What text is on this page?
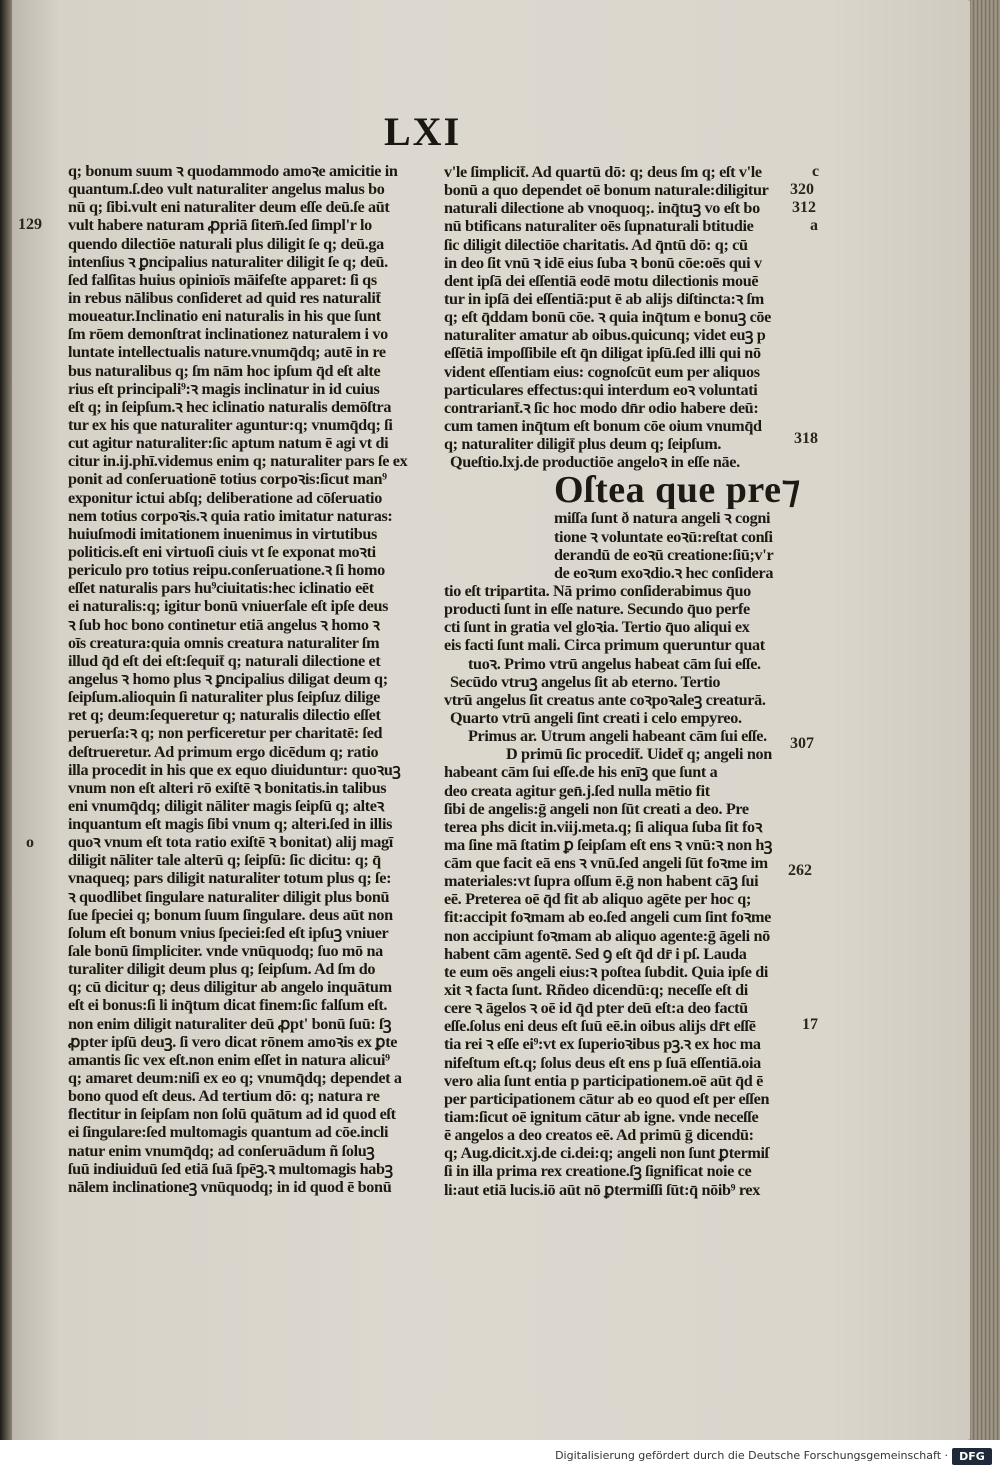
LXI
q; bonum suum ꝛ quodammodo amoꝛe amicitie in
quantum.ſ.deo vult naturaliter angelus malus bo
nū q; ſibi.vult eni naturaliter deum eſſe deū.ſe aūt
vult habere naturam ꝓpriā ſitem̄.ſed ſimpl'r lo
quendo dilectiōe naturali plus diligit ſe q; deū.ga
intenſius ꝛ ꝑncipalius naturaliter diligit ſe q; deū.
ſed falſitas huius opinioīs māifeſte apparet: ſi qs
in rebus nālibus conſideret ad quid res naturalit̄
moueatur.Inclinatio eni naturalis in his que ſunt
ſm rōem demonſtrat inclinationez naturalem i vo
luntate intellectualis nature.vnumq̄dq; autē in re
bus naturalibus q; ſm nām hoc ipſum q̄d eſt alte
rius eſt principali⁹:ꝛ magis inclinatur in id cuius
eſt q; in ſeipſum.ꝛ hec iclinatio naturalis demōſtra
tur ex his que naturaliter aguntur:q; vnumq̄dq; ſi
cut agitur naturaliter:ſic aptum natum ē agi vt di
citur in.ij.phī.videmus enim q; naturaliter pars ſe ex
ponit ad conſeruationē totius corpoꝛis:ſicut man⁹
exponitur ictui abſq; deliberatione ad cōſeruatio
nem totius corpoꝛis.ꝛ quia ratio imitatur naturas:
huiuſmodi imitationem inuenimus in virtutibus
politicis.eſt eni virtuoſi ciuis vt ſe exponat moꝛti
periculo pro totius reipu.conſeruatione.ꝛ ſi homo
eſſet naturalis pars hu⁹ciuitatis:hec iclinatio eēt
ei naturalis:q; igitur bonū vniuerſale eſt ipſe deus
ꝛ ſub hoc bono continetur etiā angelus ꝛ homo ꝛ
oīs creatura:quia omnis creatura naturaliter ſm
illud q̄d eſt dei eſt:ſequit̄ q; naturali dilectione et
angelus ꝛ homo plus ꝛ ꝑncipalius diligat deum q;
ſeipſum.alioquin ſi naturaliter plus ſeipſuz dilige
ret q; deum:ſequeretur q; naturalis dilectio eſſet
peruerſa:ꝛ q; non perficeretur per charitatē: ſed
deſtrueretur. Ad primum ergo dicēdum q; ratio
illa procedit in his que ex equo diuiduntur: quoꝛuꝫ
vnum non eſt alteri rō exiſtē ꝛ bonitatis.in talibus
eni vnumq̄dq; diligit nāliter magis ſeipſū q; alteꝛ
inquantum eſt magis ſibi vnum q; alteri.ſed in illis
quoꝛ vnum eſt tota ratio exiſtē ꝛ bonitat) alij magī
diligit nāliter tale alterū q; ſeipſū: ſic dicitu: q; q̄
vnaqueq; pars diligit naturaliter totum plus q; ſe:
ꝛ quodlibet ſingulare naturaliter diligit plus bonū
ſue ſpeciei q; bonum ſuum ſingulare. deus aūt non
ſolum eſt bonum vnius ſpeciei:ſed eſt ipſuꝫ vniuer
ſale bonū ſimpliciter. vnde vnūquodq; ſuo mō na
turaliter diligit deum plus q; ſeipſum. Ad ſm do
q; cū dicitur q; deus diligitur ab angelo inquātum
eſt ei bonus:ſi li inq̄tum dicat finem:ſic falſum eſt.
non enim diligit naturaliter deū ꝓpt' bonū ſuū: ſꝫ
ꝓpter ipſū deuꝫ. ſi vero dicat rōnem amoꝛis ex ꝑte
amantis ſic vex eſt.non enim eſſet in natura alicui⁹
q; amaret deum:niſi ex eo q; vnumq̄dq; dependet a
bono quod eſt deus. Ad tertium dō: q; natura re
flectitur in ſeipſam non ſolū quātum ad id quod eſt
ei ſingulare:ſed multomagis quantum ad cōe.incli
natur enim vnumq̄dq; ad conſeruādum ñ ſoluꝫ
ſuū indiuiduū ſed etiā ſuā ſpēꝫ.ꝛ multomagis habꝫ
nālem inclinationeꝫ vnūquodq; in id quod ē bonū
v'le ſimplicit̄. Ad quartū dō: q; deus ſm q; eſt v'le
bonū a quo dependet oē bonum naturale:diligitur
naturali dilectione ab vnoquoq;. inq̄tuꝫ vo eſt bo
nū btificans naturaliter oēs ſupnaturali btitudie
ſic diligit dilectiōe charitatis. Ad q̄ntū dō: q; cū
in deo ſit vnū ꝛ idē eius ſuba ꝛ bonū cōe:oēs qui v
dent ipſā dei eſſentiā eodē motu dilectionis mouē
tur in ipſā dei eſſentiā:put ē ab alijs diſtincta:ꝛ ſm
q; eſt q̄ddam bonū cōe. ꝛ quia inq̄tum e bonuꝫ cōe
naturaliter amatur ab oibus.quicunq; videt euꝫ p
eſſētiā impoſſibile eſt q̄n diligat ipſū.ſed illi qui nō
vident eſſentiam eius: cognoſcūt eum per aliquos
particulares effectus:qui interdum eoꝛ voluntati
contrariant̄.ꝛ ſic hoc modo dn̄r odio habere deū:
cum tamen inq̄tum eſt bonum cōe oium vnumq̄d
q; naturaliter diligit̄ plus deum q; ſeipſum.
Queſtio.lxj.de productiōe angeloꝛ in eſſe nāe.
Oſtea que pre⁊
miſſa ſunt ð natura angeli ꝛ cogni
tione ꝛ voluntate eoꝛū:reſtat conſi
derandū de eoꝛū creatione:ſiū;v'r
de eoꝛum exoꝛdio.ꝛ hec conſidera
tio eſt tripartita. Nā primo conſiderabimus q̄uo
producti ſunt in eſſe nature. Secundo q̄uo perfe
cti ſunt in gratia vel gloꝛia. Tertio q̄uo aliqui ex
eis facti ſunt mali. Circa primum queruntur quat
tuoꝛ. Primo vtrū angelus habeat cām ſui eſſe.
Secūdo vtruꝫ angelus ſit ab eterno. Tertio
vtrū angelus ſit creatus ante coꝛpoꝛaleꝫ creaturā.
Quarto vtrū angeli ſint creati i celo empyreo.
Primus ar. Utrum angeli habeant cām ſui eſſe.
D primū ſic procedit̄. Uidet̄ q; angeli non
habeant cām ſui eſſe.de his enīꝫ que ſunt a
deo creata agitur gen̄.j.ſed nulla mētio fit
ſibi de angelis:ḡ angeli non ſūt creati a deo. Pre
terea phs dicit in.viij.meta.q; ſi aliqua ſuba ſit foꝛ
ma ſine mā ſtatim ꝑ ſeipſam eſt ens ꝛ vnū:ꝛ non hꝫ
cām que facit eā ens ꝛ vnū.ſed angeli ſūt foꝛme im
materiales:vt ſupra oſſum ē.ḡ non habent cāꝫ ſui
eē. Preterea oē q̄d fit ab aliquo agēte per hoc q;
fit:accipit foꝛmam ab eo.ſed angeli cum ſint foꝛme
non accipiunt foꝛmam ab aliquo agente:ḡ āgeli nō
habent cām agentē. Sed ꝯ eſt q̄d dr̄ i pſ. Lauda
te eum oēs angeli eius:ꝛ poſtea ſubdit. Quia ipſe di
xit ꝛ facta ſunt. Rñdeo dicendū:q; neceſſe eſt di
cere ꝛ āgelos ꝛ oē id q̄d pter deū eſt:a deo factū
eſſe.ſolus eni deus eſt ſuū eē.in oibus alijs dr̄t eſſē
tia rei ꝛ eſſe ei⁹:vt ex ſuperioꝛibus pꝫ.ꝛ ex hoc ma
nifeſtum eſt.q; ſolus deus eſt ens p ſuā eſſentiā.oia
vero alia ſunt entia p participationem.oē aūt q̄d ē
per participationem cātur ab eo quod eſt per eſſen
tiam:ſicut oē ignitum cātur ab igne. vnde neceſſe
ē angelos a deo creatos eē. Ad primū ḡ dicendū:
q; Aug.dicit.xj.de ci.dei:q; angeli non ſunt ꝑtermiſ
ſi in illa prima rex creatione.ſꝫ ſignificat noie ce
li:aut etiā lucis.iō aūt nō ꝑtermiſſi ſūt:q̄ nōib⁹ rex
129
o
c
320
312
a
318
307
262
17
Digitalisierung gefördert durch die Deutsche Forschungsgemeinschaft ·	DFG
